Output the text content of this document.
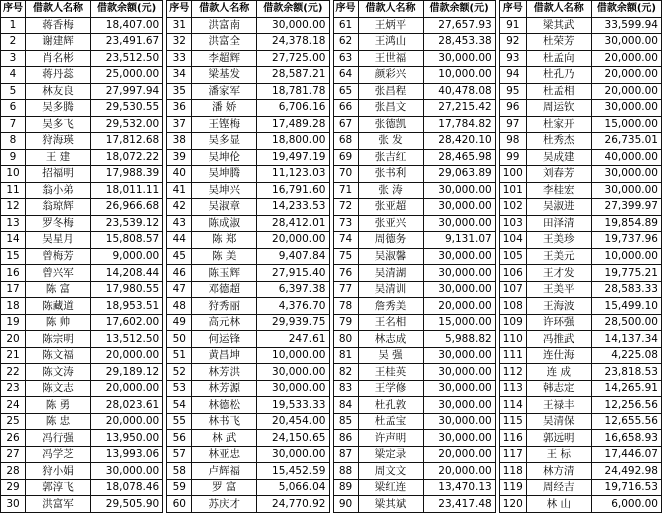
序号	借款人名称	借款余额(元)
1	蒋香梅	18,407.00
2	谢建辉	23,491.67
3	肖名彬	23,512.50
4	蒋丹蕊	25,000.00
5	林友良	27,997.94
6	吴多腾	29,530.55
7	吴多飞	29,532.00
8	狩海瑛	17,812.68
9	王 建	18,072.22
10	招福明	17,988.39
11	翁小弟	18,011.11
12	翁琼辉	26,966.68
13	罗冬梅	23,539.12
14	吴星月	15,808.57
15	曾梅芳	9,000.00
16	曾兴军	14,208.44
17	陈 富	17,980.55
18	陈藏道	18,953.51
19	陈 帅	17,602.00
20	陈宗明	13,512.50
21	陈文福	20,000.00
22	陈文涛	29,189.12
23	陈文志	20,000.00
24	陈 勇	28,023.61
25	陈 忠	20,000.00
26	冯行强	13,950.00
27	冯学芝	13,993.06
28	狩小娟	30,000.00
29	郭淳飞	18,078.46
30	洪富军	29,505.90
序号	借款人名称	借款余额(元)
31	洪富南	30,000.00
32	洪富全	24,378.18
33	李超辉	27,725.00
34	梁基发	28,587.21
35	潘家军	18,781.78
36	潘 娇	6,706.16
37	王铿梅	17,489.28
38	吴多显	18,800.00
39	吴坤伦	19,497.19
40	吴坤腾	11,123.03
41	吴坤兴	16,791.60
42	吴淑章	14,233.53
43	陈成淑	28,412.01
44	陈 郑	20,000.00
45	陈 美	9,407.84
46	陈玉辉	27,915.40
47	邓德超	6,397.38
48	狩秀丽	4,376.70
49	高元林	29,939.75
50	何运锋	247.61
51	黄昌坤	10,000.00
52	林芳洪	30,000.00
53	林芳源	30,000.00
54	林德松	19,533.33
55	林书飞	20,454.00
56	林 武	24,150.65
57	林亚忠	30,000.00
58	卢辉福	15,452.59
59	罗 富	5,066.04
60	苏庆才	24,770.92
序号	借款人名称	借款余额(元)
61	王炳平	27,657.93
62	王鸿山	28,453.38
63	王世福	30,000.00
64	颜彩兴	10,000.00
65	张昌程	40,478.08
66	张昌文	27,215.42
67	张德凯	17,784.82
68	张 发	28,420.10
69	张吉红	28,465.98
70	张书利	29,063.89
71	张 涛	30,000.00
72	张亚超	30,000.00
73	张亚兴	30,000.00
74	周德务	9,131.07
75	吴淑馨	30,000.00
76	吴清湖	30,000.00
77	吴清训	30,000.00
78	詹秀美	20,000.00
79	王名相	15,000.00
80	林志成	5,988.82
81	吴 强	30,000.00
82	王桂英	30,000.00
83	王学修	30,000.00
84	杜孔敦	30,000.00
85	杜孟宝	30,000.00
86	许声明	30,000.00
87	梁定录	20,000.00
88	周文文	20,000.00
89	梁红连	13,470.13
90	梁其斌	23,417.48
序号	借款人名称	借款余额(元)
91	梁其武	33,599.94
92	杜荣芳	30,000.00
93	杜孟向	20,000.00
94	杜孔乃	20,000.00
95	杜孟相	20,000.00
96	周运钦	30,000.00
97	杜家开	15,000.00
98	杜秀杰	26,735.01
99	吴成建	40,000.00
100	刘春芳	30,000.00
101	李桂宏	30,000.00
102	吴淑进	27,399.97
103	田泽清	19,854.89
104	王美珍	19,737.96
105	王美元	10,000.00
106	王才发	19,775.21
107	王美平	28,583.33
108	王海波	15,499.10
109	许环强	28,500.00
110	冯推武	14,137.34
111	连仕海	4,225.08
112	连 成	23,818.53
113	韩志定	14,265.91
114	王禄丰	12,256.56
115	吴清保	12,655.56
116	郭远明	16,658.93
117	王 标	17,446.07
118	林方清	24,492.98
119	周经吉	19,716.53
120	林 山	6,000.00
